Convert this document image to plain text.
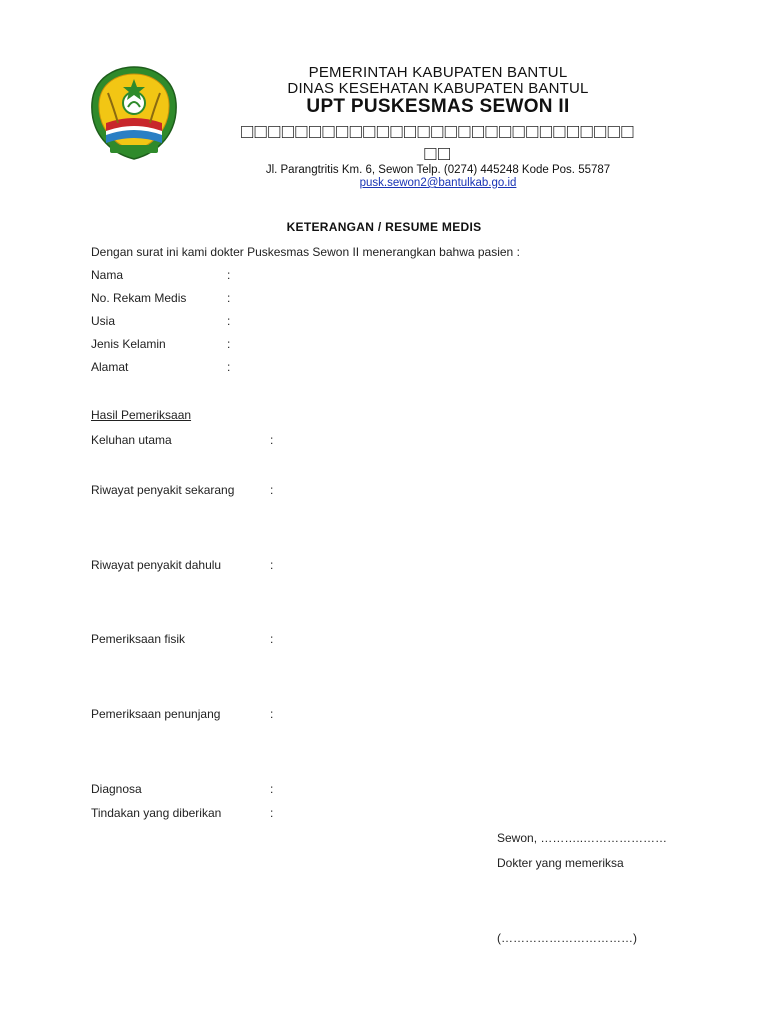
PEMERINTAH KABUPATEN BANTUL
DINAS KESEHATAN KABUPATEN BANTUL
UPT PUSKESMAS SEWON II
□□□□□□□□□□□□□□□□□□□□□□□□□□□□□
□□
Jl. Parangtritis Km. 6, Sewon Telp. (0274) 445248 Kode Pos. 55787
pusk.sewon2@bantulkab.go.id
KETERANGAN / RESUME MEDIS
Dengan surat ini kami dokter Puskesmas Sewon II menerangkan bahwa pasien :
Nama	:
No. Rekam Medis	:
Usia	:
Jenis Kelamin	:
Alamat	:
Hasil Pemeriksaan
Keluhan utama	:
Riwayat penyakit sekarang	:
Riwayat penyakit dahulu	:
Pemeriksaan fisik	:
Pemeriksaan penunjang	:
Diagnosa	:
Tindakan yang diberikan	:
Sewon, ………..…………………
Dokter yang memeriksa
(……………………………)
